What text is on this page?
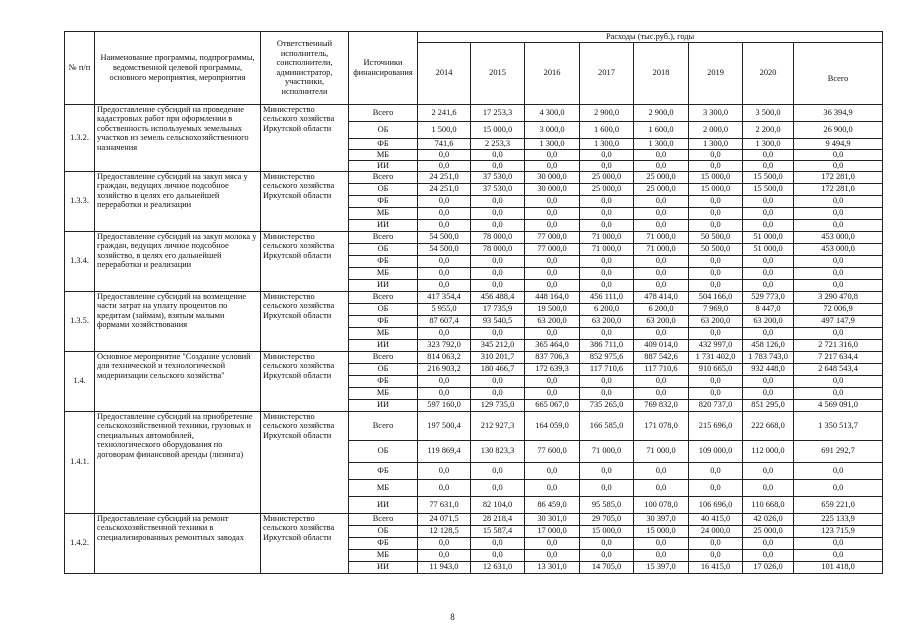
№ п/п	Наименование программы, подпрограммы, ведомственной целевой программы, основного мероприятия, мероприятия	Ответственный исполнитель, соисполнители, администратор, участники, исполнители	Источники финансирования	Расходы (тыс.руб.), годы							
				2014	2015	2016	2017	2018	2019	2020	Всего
1.3.2.	Предоставление субсидий на проведение кадастровых работ при оформлении в собственность используемых земельных участков из земель сельскохозяйственного назначения	Министерство сельского хозяйства Иркутской области	Всего	2 241,6	17 253,3	4 300,0	2 900,0	2 900,0	3 300,0	3 500,0	36 394,9
			ОБ	1 500,0	15 000,0	3 000,0	1 600,0	1 600,0	2 000,0	2 200,0	26 900,0
			ФБ	741,6	2 253,3	1 300,0	1 300,0	1 300,0	1 300,0	1 300,0	9 494,9
			МБ	0,0	0,0	0,0	0,0	0,0	0,0	0,0	0,0
			ИИ	0,0	0,0	0,0	0,0	0,0	0,0	0,0	0,0
1.3.3.	Предоставление субсидий на закуп мяса у граждан, ведущих личное подсобное хозяйство в целях его дальнейшей переработки и реализации	Министерство сельского хозяйства Иркутской области	Всего	24 251,0	37 530,0	30 000,0	25 000,0	25 000,0	15 000,0	15 500,0	172 281,0
			ОБ	24 251,0	37 530,0	30 000,0	25 000,0	25 000,0	15 000,0	15 500,0	172 281,0
			ФБ	0,0	0,0	0,0	0,0	0,0	0,0	0,0	0,0
			МБ	0,0	0,0	0,0	0,0	0,0	0,0	0,0	0,0
			ИИ	0,0	0,0	0,0	0,0	0,0	0,0	0,0	0,0
1.3.4.	Предоставление субсидий на закуп молока у граждан, ведущих личное подсобное хозяйство, в целях его дальнейшей переработки и реализации	Министерство сельского хозяйства Иркутской области	Всего	54 500,0	78 000,0	77 000,0	71 000,0	71 000,0	50 500,0	51 000,0	453 000,0
			ОБ	54 500,0	78 000,0	77 000,0	71 000,0	71 000,0	50 500,0	51 000,0	453 000,0
			ФБ	0,0	0,0	0,0	0,0	0,0	0,0	0,0	0,0
			МБ	0,0	0,0	0,0	0,0	0,0	0,0	0,0	0,0
			ИИ	0,0	0,0	0,0	0,0	0,0	0,0	0,0	0,0
1.3.5.	Предоставление субсидий на возмещение части затрат на уплату процентов по кредитам (займам), взятым малыми формами хозяйствования	Министерство сельского хозяйства Иркутской области	Всего	417 354,4	456 488,4	448 164,0	456 111,0	478 414,0	504 166,0	529 773,0	3 290 470,8
			ОБ	5 955,0	17 735,9	19 500,0	6 200,0	6 200,0	7 969,0	8 447,0	72 006,9
			ФБ	87 607,4	93 540,5	63 200,0	63 200,0	63 200,0	63 200,0	63 200,0	497 147,9
			МБ	0,0	0,0	0,0	0,0	0,0	0,0	0,0	0,0
			ИИ	323 792,0	345 212,0	365 464,0	386 711,0	409 014,0	432 997,0	458 126,0	2 721 316,0
1.4.	Основное мероприятие "Создание условий для технической и технологической модернизации сельского хозяйства"	Министерство сельского хозяйства Иркутской области	Всего	814 063,2	310 201,7	837 706,3	852 975,6	887 542,6	1 731 402,0	1 783 743,0	7 217 634,4
			ОБ	216 903,2	180 466,7	172 639,3	117 710,6	117 710,6	910 665,0	932 448,0	2 648 543,4
			ФБ	0,0	0,0	0,0	0,0	0,0	0,0	0,0	0,0
			МБ	0,0	0,0	0,0	0,0	0,0	0,0	0,0	0,0
			ИИ	597 160,0	129 735,0	665 067,0	735 265,0	769 832,0	820 737,0	851 295,0	4 569 091,0
1.4.1.	Предоставление субсидий на приобретение сельскохозяйственной техники, грузовых и специальных автомобилей, технологического оборудования по договорам финансовой аренды (лизинга)	Министерство сельского хозяйства Иркутской области	Всего	197 500,4	212 927,3	164 059,0	166 585,0	171 078,0	215 696,0	222 668,0	1 350 513,7
			ОБ	119 869,4	130 823,3	77 600,0	71 000,0	71 000,0	109 000,0	112 000,0	691 292,7
			ФБ	0,0	0,0	0,0	0,0	0,0	0,0	0,0	0,0
			МБ	0,0	0,0	0,0	0,0	0,0	0,0	0,0	0,0
			ИИ	77 631,0	82 104,0	86 459,0	95 585,0	100 078,0	106 696,0	110 668,0	659 221,0
1.4.2.	Предоставление субсидий на ремонт сельскохозяйственной техники в специализированных ремонтных заводах	Министерство сельского хозяйства Иркутской области	Всего	24 071,5	28 218,4	30 301,0	29 705,0	30 397,0	40 415,0	42 026,0	225 133,9
			ОБ	12 128,5	15 587,4	17 000,0	15 000,0	15 000,0	24 000,0	25 000,0	123 715,9
			ФБ	0,0	0,0	0,0	0,0	0,0	0,0	0,0	0,0
			МБ	0,0	0,0	0,0	0,0	0,0	0,0	0,0	0,0
			ИИ	11 943,0	12 631,0	13 301,0	14 705,0	15 397,0	16 415,0	17 026,0	101 418,0
8
